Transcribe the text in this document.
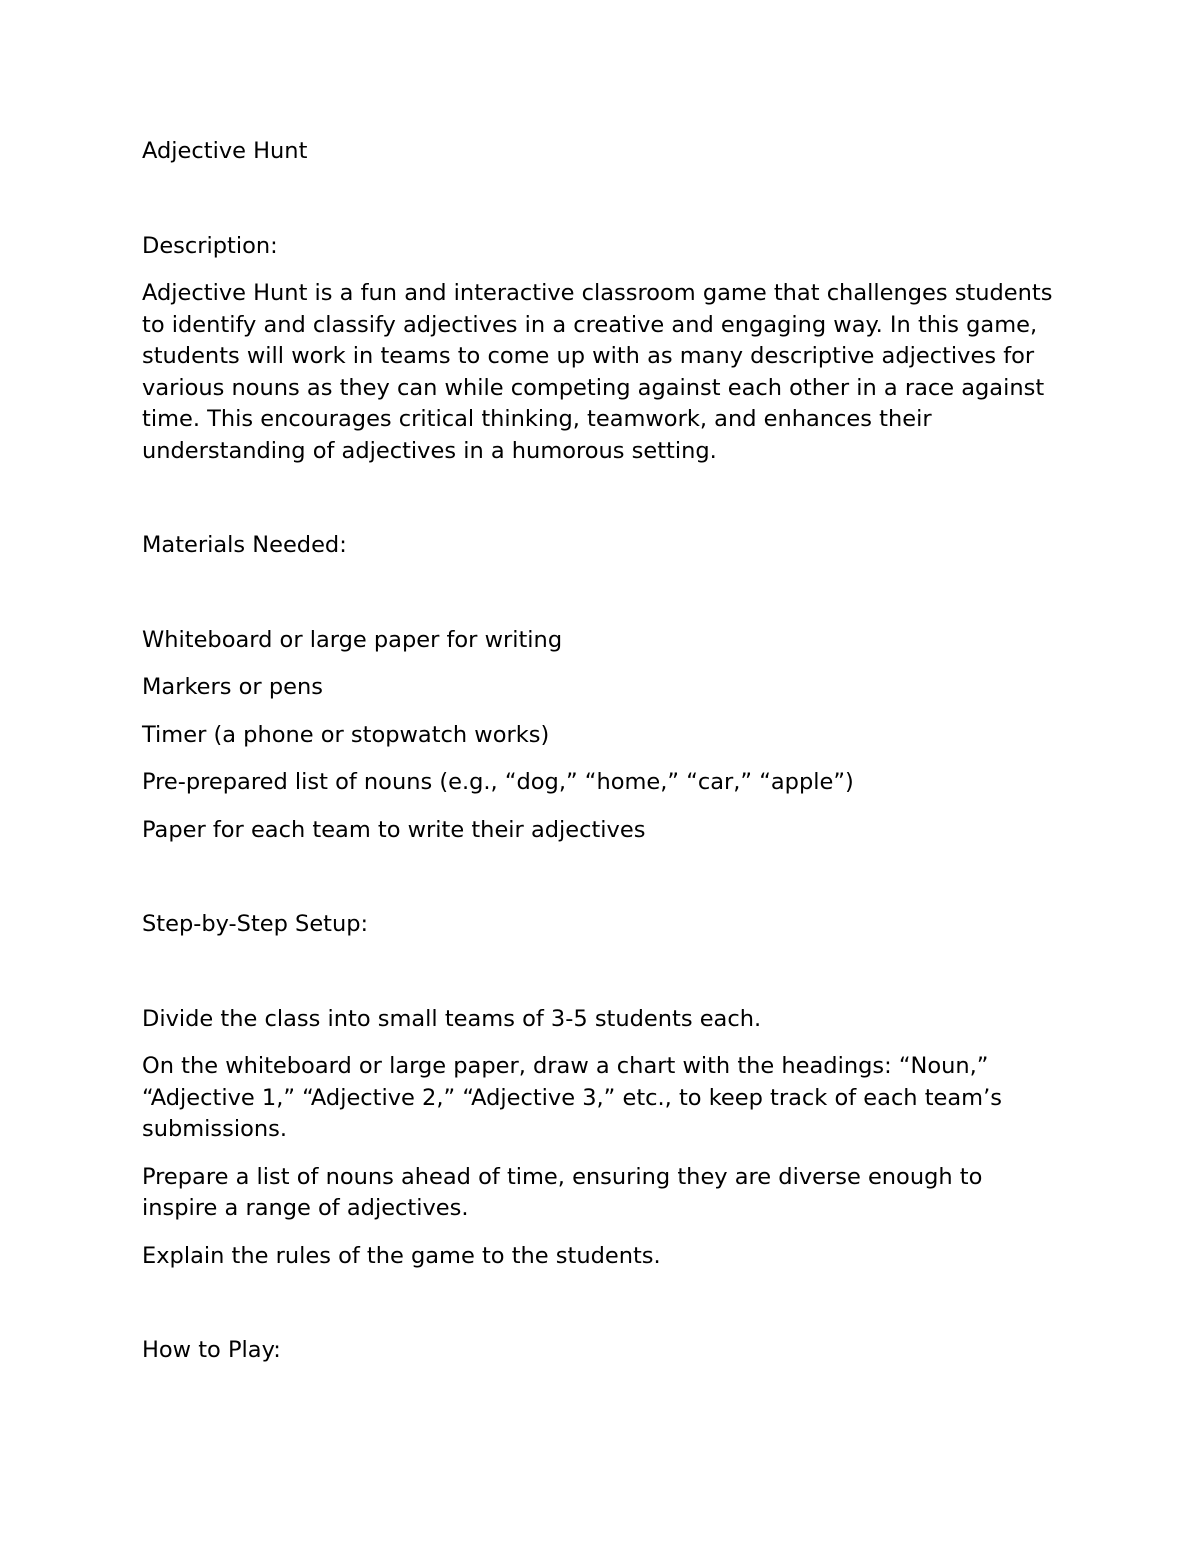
Adjective Hunt

Description:

Adjective Hunt is a fun and interactive classroom game that challenges students to identify and classify adjectives in a creative and engaging way. In this game, students will work in teams to come up with as many descriptive adjectives for various nouns as they can while competing against each other in a race against time. This encourages critical thinking, teamwork, and enhances their understanding of adjectives in a humorous setting.

Materials Needed:

Whiteboard or large paper for writing

Markers or pens

Timer (a phone or stopwatch works)

Pre-prepared list of nouns (e.g., “dog,” “home,” “car,” “apple”)

Paper for each team to write their adjectives

Step-by-Step Setup:

Divide the class into small teams of 3-5 students each.

On the whiteboard or large paper, draw a chart with the headings: “Noun,” “Adjective 1,” “Adjective 2,” “Adjective 3,” etc., to keep track of each team’s submissions.

Prepare a list of nouns ahead of time, ensuring they are diverse enough to inspire a range of adjectives.

Explain the rules of the game to the students.

How to Play:
